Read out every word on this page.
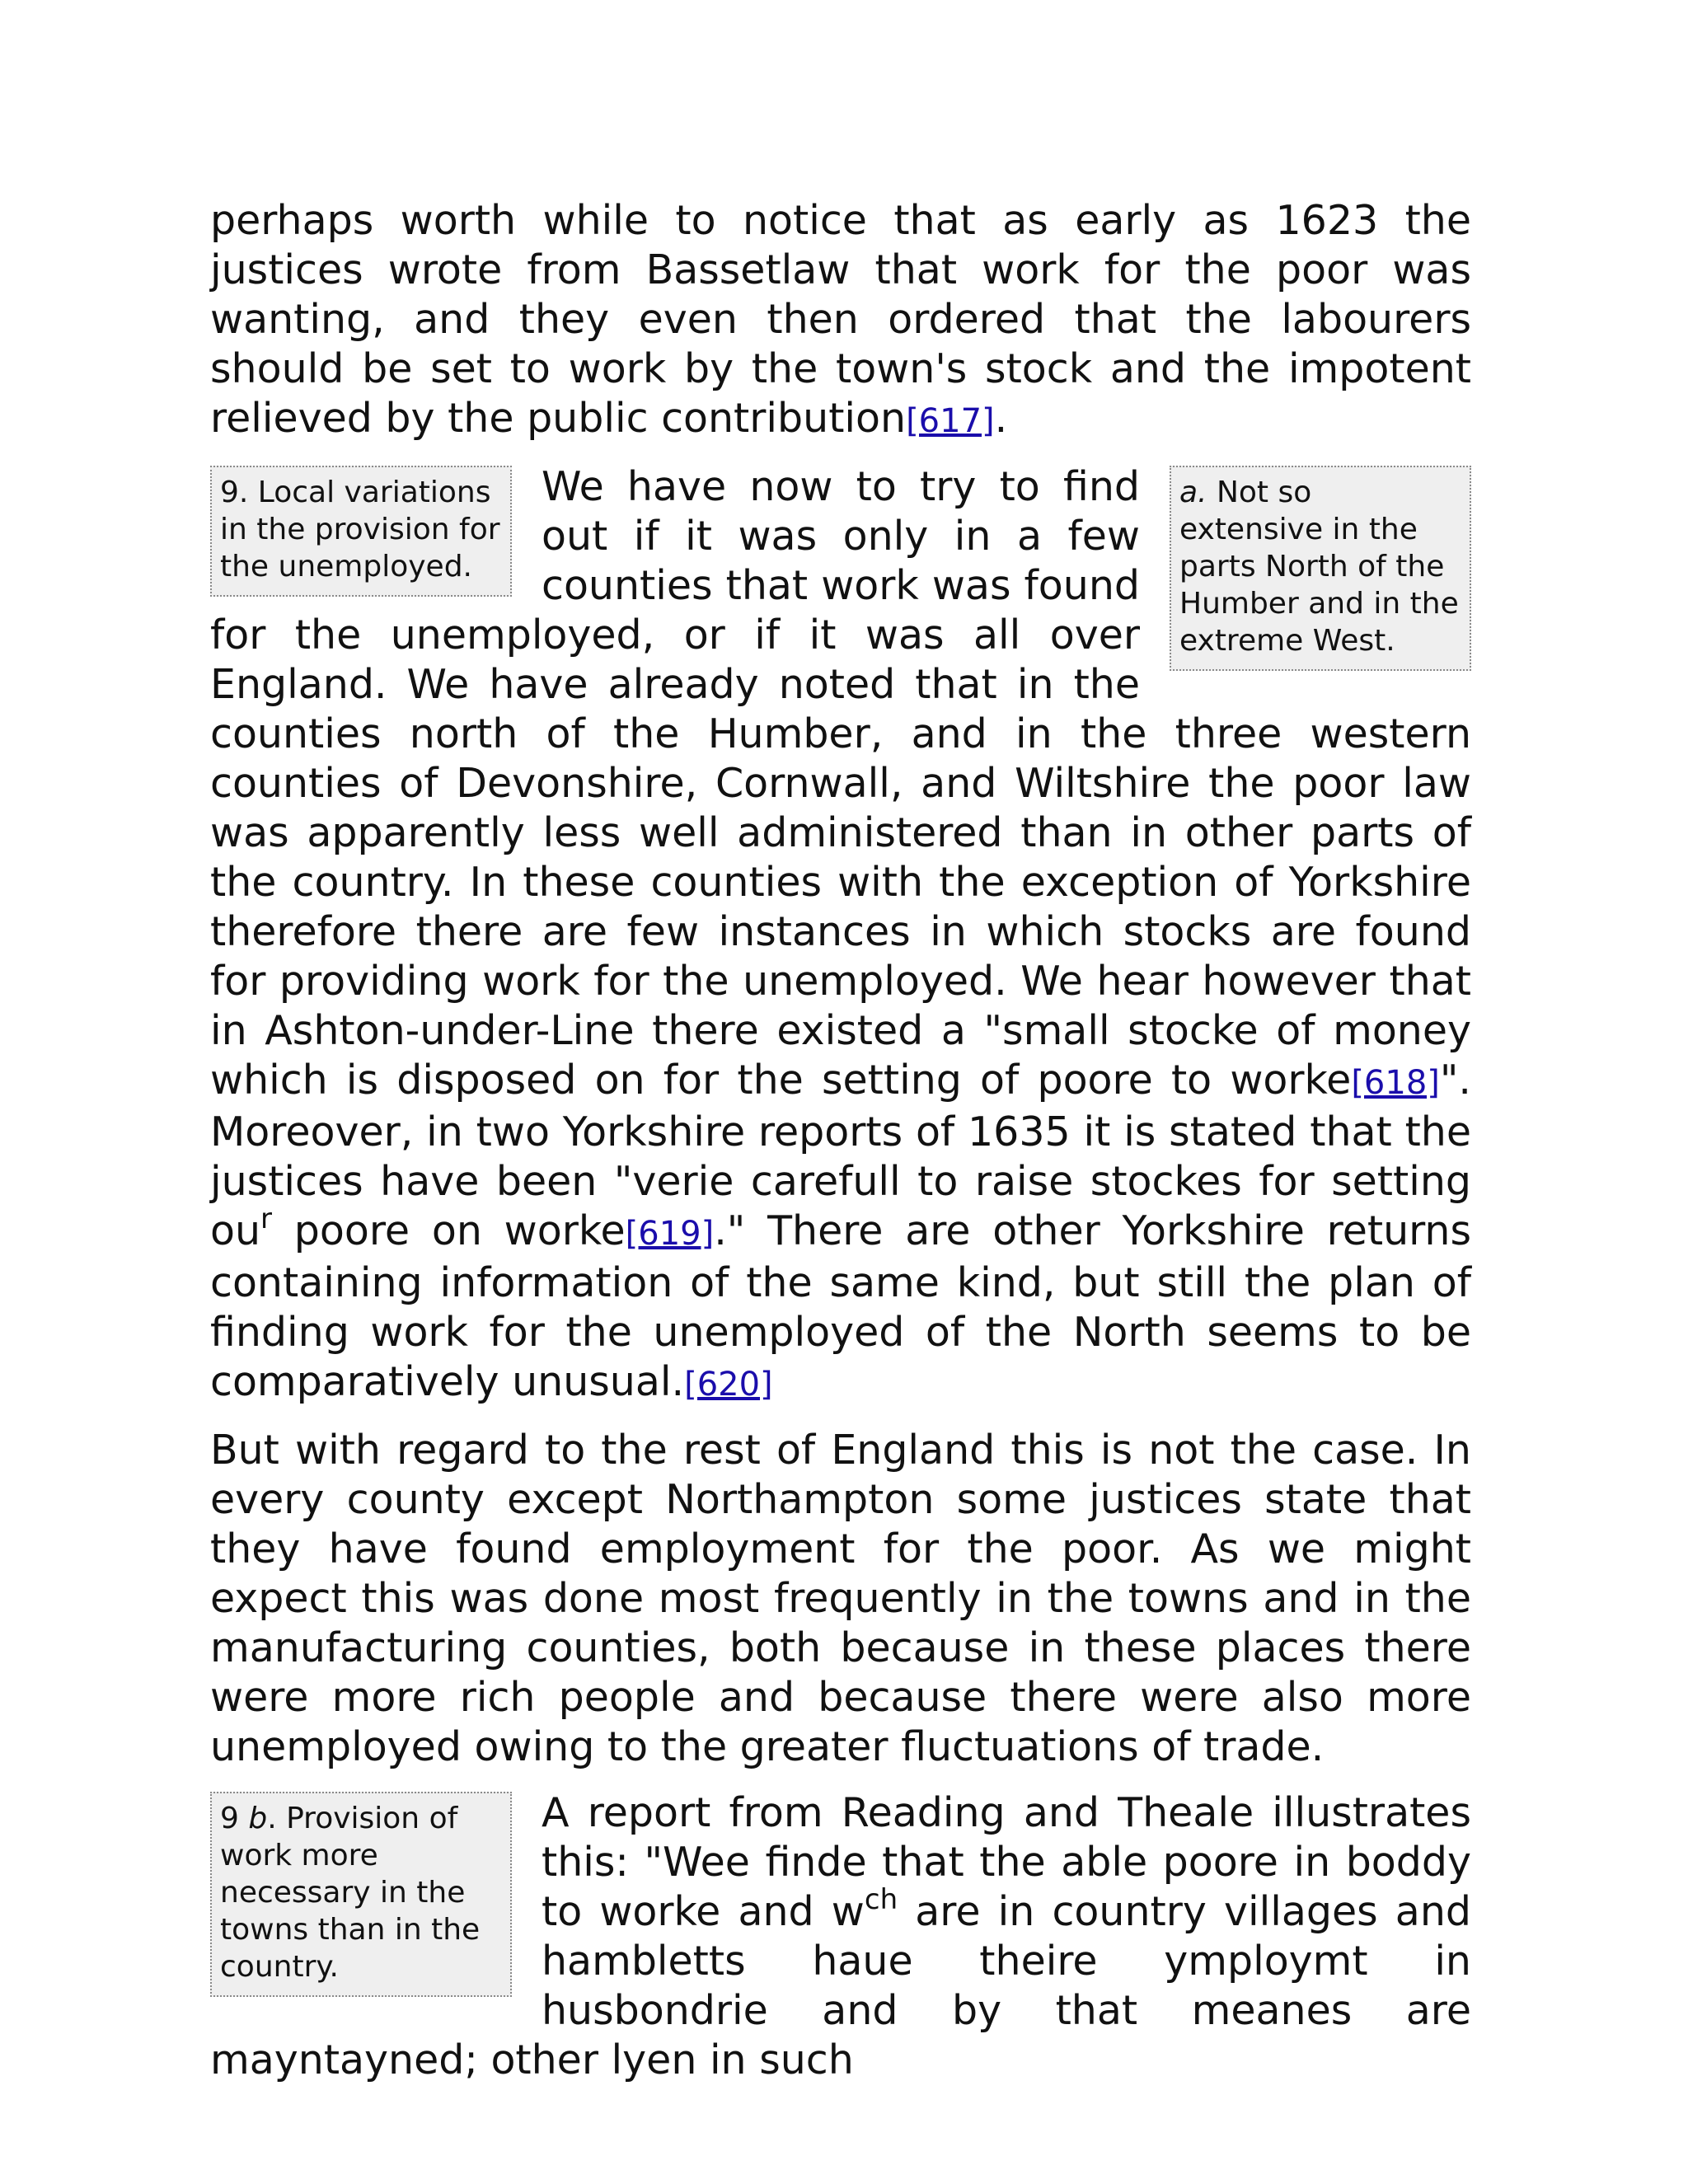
perhaps worth while to notice that as early as 1623 the justices wrote from Bassetlaw that work for the poor was wanting, and they even then ordered that the labourers should be set to work by the town's stock and the impotent relieved by the public contribution[617].

9. Local variations in the provision for the unemployed.
a. Not so extensive in the parts North of the Humber and in the extreme West.
We have now to try to find out if it was only in a few counties that work was found for the unemployed, or if it was all over England. We have already noted that in the counties north of the Humber, and in the three western counties of Devonshire, Cornwall, and Wiltshire the poor law was apparently less well administered than in other parts of the country. In these counties with the exception of Yorkshire therefore there are few instances in which stocks are found for providing work for the unemployed. We hear however that in Ashton-under-Line there existed a "small stocke of money which is disposed on for the setting of poore to worke[618]". Moreover, in two Yorkshire reports of 1635 it is stated that the justices have been "verie carefull to raise stockes for setting $ou^r$ poore on worke[619]." There are other Yorkshire returns containing information of the same kind, but still the plan of finding work for the unemployed of the North seems to be comparatively unusual.[620]

But with regard to the rest of England this is not the case. In every county except Northampton some justices state that they have found employment for the poor. As we might expect this was done most frequently in the towns and in the manufacturing counties, both because in these places there were more rich people and because there were also more unemployed owing to the greater fluctuations of trade.

9 b. Provision of work more necessary in the towns than in the country.
A report from Reading and Theale illustrates this: "Wee finde that the able poore in boddy to worke and $w^{ch}$ are in country villages and hambletts haue theire ymploymt in husbondrie and by that meanes are mayntayned; other lyen in such
